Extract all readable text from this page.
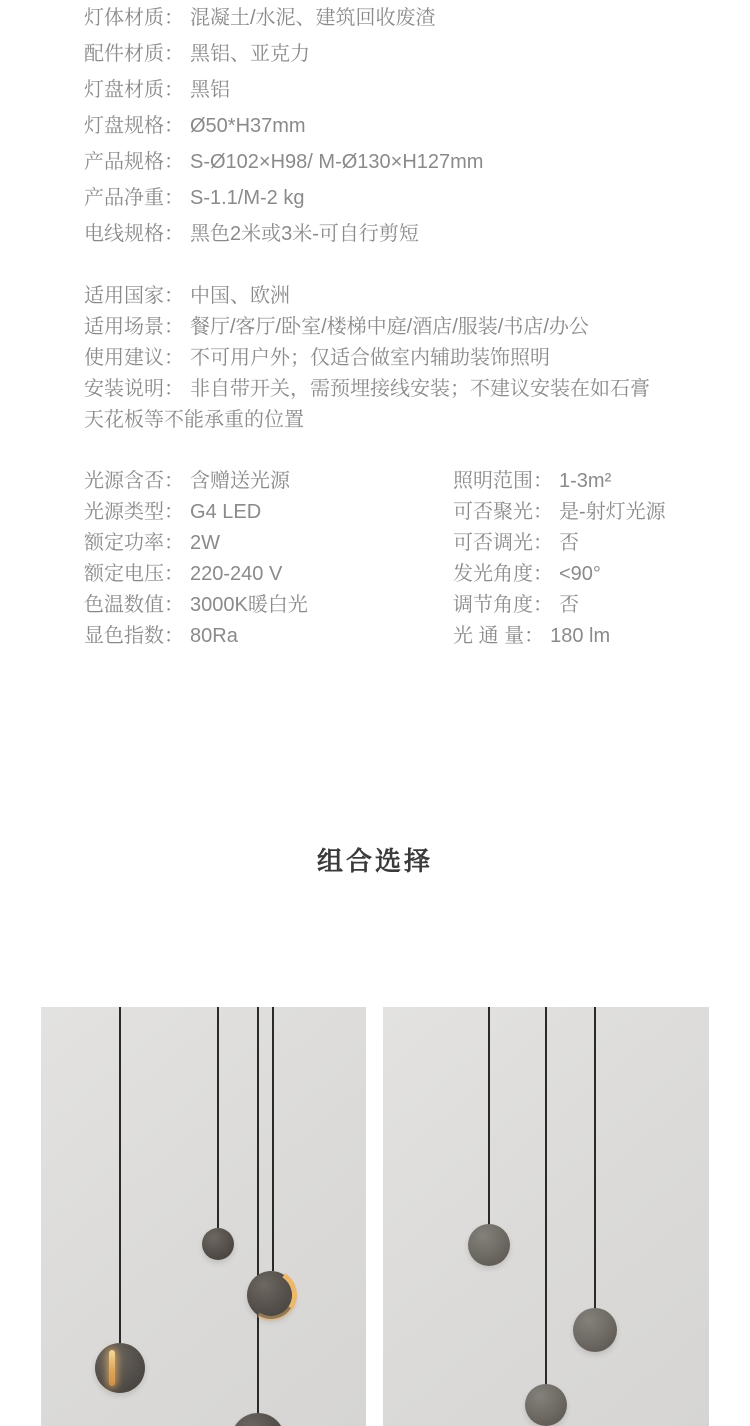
灯体材质： 混凝土/水泥、建筑回收废渣
配件材质： 黑铝、亚克力
灯盘材质： 黑铝
灯盘规格： Ø50*H37mm
产品规格： S-Ø102×H98/ M-Ø130×H127mm
产品净重： S-1.1/M-2 kg
电线规格： 黑色2米或3米-可自行剪短
适用国家： 中国、欧洲
适用场景： 餐厅/客厅/卧室/楼梯中庭/酒店/服装/书店/办公
使用建议： 不可用户外；仅适合做室内辅助装饰照明
安装说明： 非自带开关，需预埋接线安装；不建议安装在如石膏天花板等不能承重的位置
光源含否： 含赠送光源
光源类型： G4 LED
额定功率： 2W
额定电压： 220-240 V
色温数值： 3000K暖白光
显色指数： 80Ra
照明范围： 1-3m²
可否聚光： 是-射灯光源
可否调光： 否
发光角度： <90°
调节角度： 否
光 通 量： 180 lm
组合选择
